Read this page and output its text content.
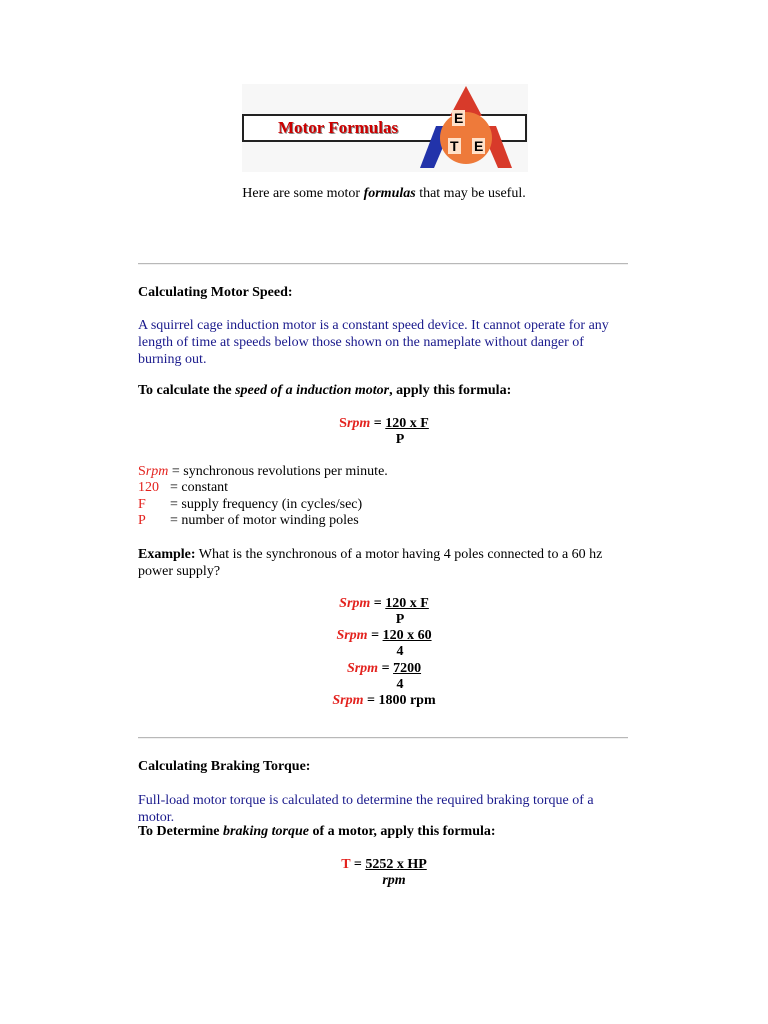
Motor Formulas	E
T E
Here are some motor formulas that may be useful.
Calculating Motor Speed:
A squirrel cage induction motor is a constant speed device. It cannot operate for any length of time at speeds below those shown on the nameplate without danger of burning out.
To calculate the speed of a induction motor, apply this formula:
Srpm = 120 x F
P
Srpm = synchronous revolutions per minute.
120 = constant
F = supply frequency (in cycles/sec)
P = number of motor winding poles
Example: What is the synchronous of a motor having 4 poles connected to a 60 hz power supply?
Srpm = 120 x F
P
Srpm = 120 x 60
4
Srpm = 7200
4
Srpm = 1800 rpm
Calculating Braking Torque:
Full-load motor torque is calculated to determine the required braking torque of a motor.
To Determine braking torque of a motor, apply this formula:
T = 5252 x HP
rpm
